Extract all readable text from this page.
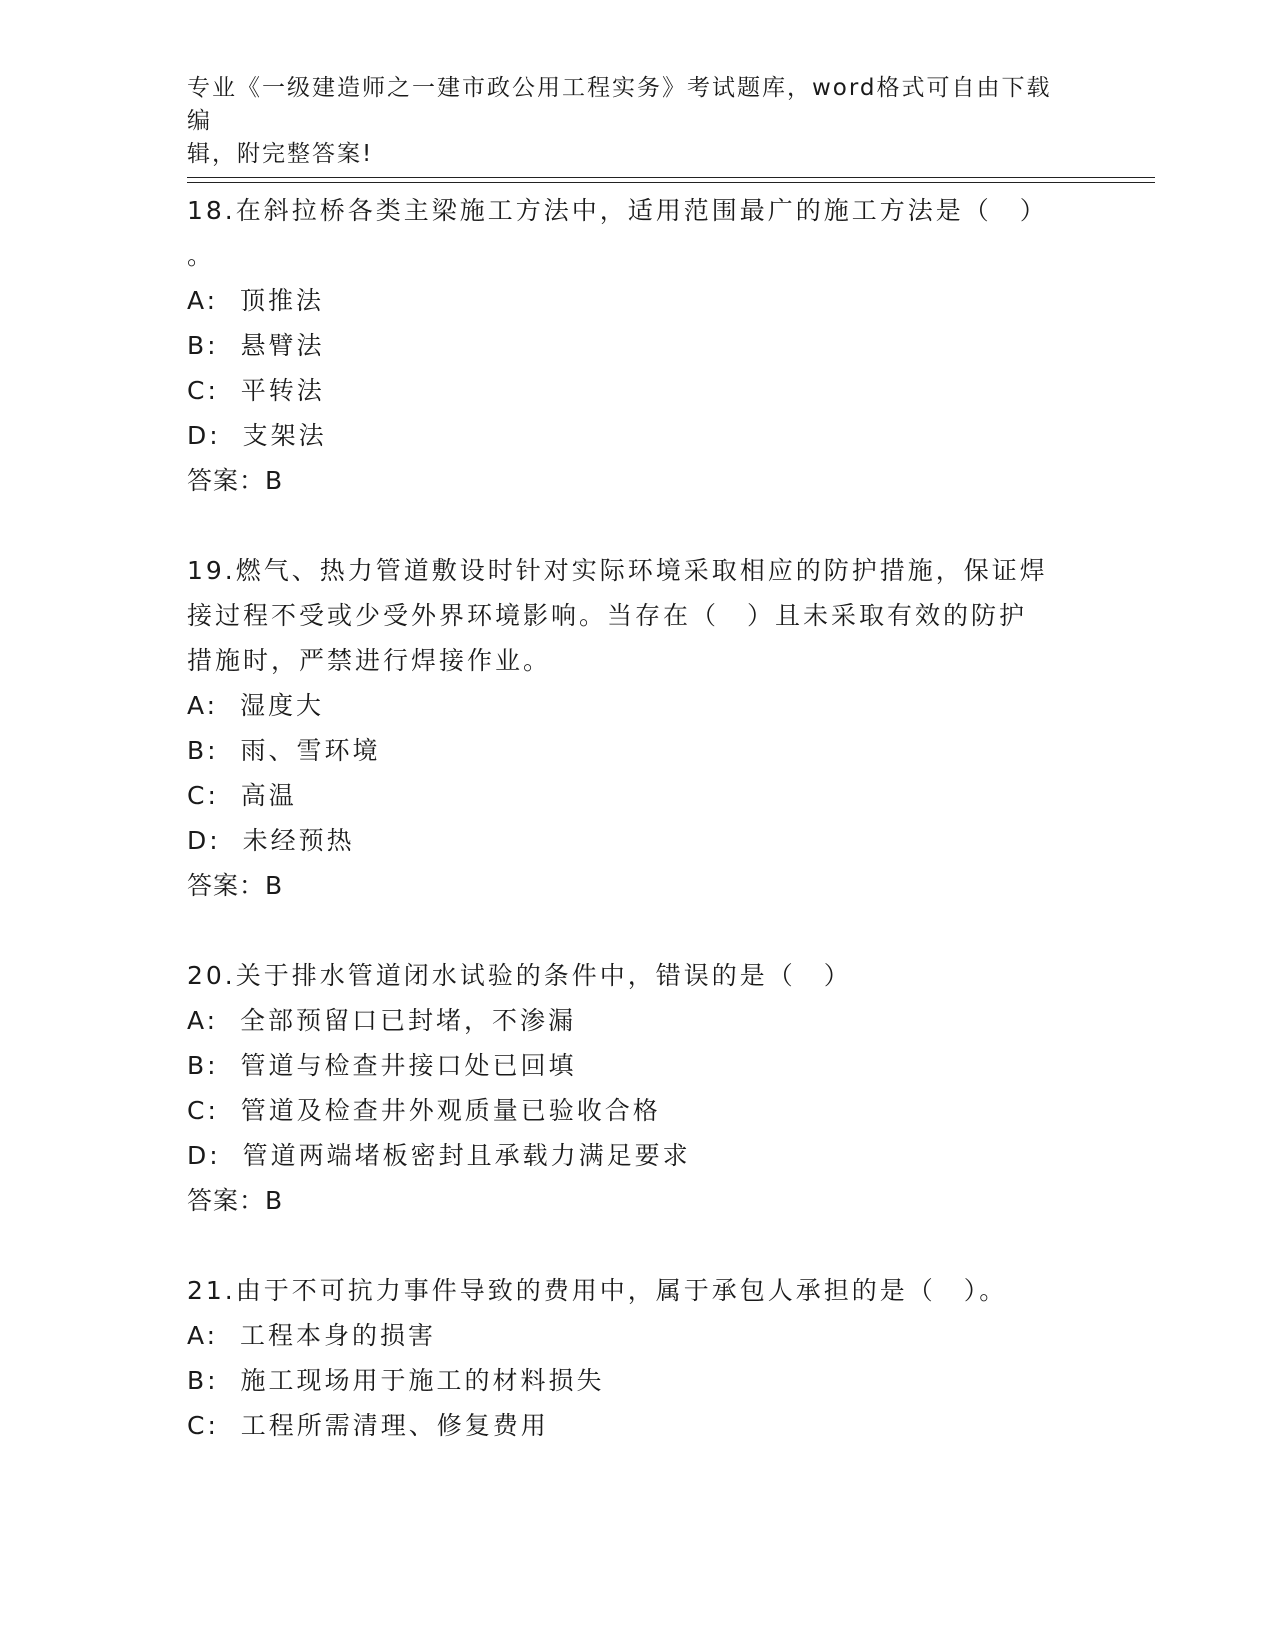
专业《一级建造师之一建市政公用工程实务》考试题库，word格式可自由下载编
辑，附完整答案!
18.在斜拉桥各类主梁施工方法中，适用范围最广的施工方法是（　）
。
A:  顶推法
B:  悬臂法
C:  平转法
D:  支架法
答案：B
19.燃气、热力管道敷设时针对实际环境采取相应的防护措施，保证焊
接过程不受或少受外界环境影响。当存在（　）且未采取有效的防护
措施时，严禁进行焊接作业。
A:  湿度大
B:  雨、雪环境
C:  高温
D:  未经预热
答案：B
20.关于排水管道闭水试验的条件中，错误的是（　）
A:  全部预留口已封堵，不渗漏
B:  管道与检查井接口处已回填
C:  管道及检查井外观质量已验收合格
D:  管道两端堵板密封且承载力满足要求
答案：B
21.由于不可抗力事件导致的费用中，属于承包人承担的是（　）。
A:  工程本身的损害
B:  施工现场用于施工的材料损失
C:  工程所需清理、修复费用
